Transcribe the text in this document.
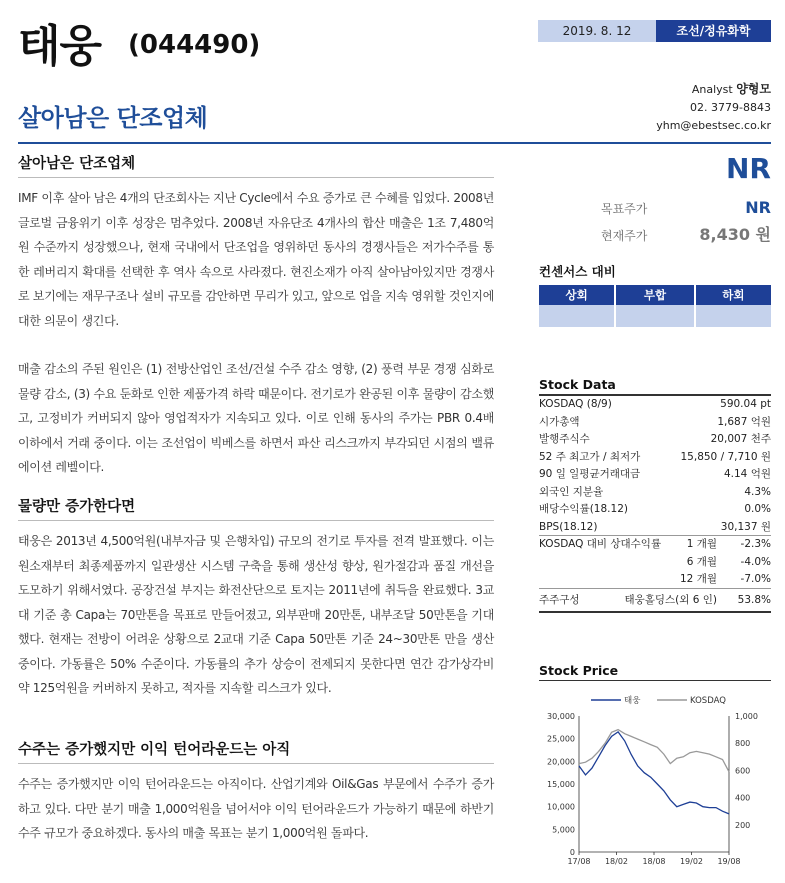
태웅 (044490)
살아남은 단조업체
2019. 8. 12	조선/정유화학
Analyst 양형모
02. 3779-8843
yhm@ebestsec.co.kr
살아남은 단조업체

IMF 이후 살아 남은 4개의 단조회사는 지난 Cycle에서 수요 증가로 큰 수혜를 입었다. 2008년 글로벌 금융위기 이후 성장은 멈추었다. 2008년 자유단조 4개사의 합산 매출은 1조 7,480억원 수준까지 성장했으나, 현재 국내에서 단조업을 영위하던 동사의 경쟁사들은 저가수주를 통한 레버리지 확대를 선택한 후 역사 속으로 사라졌다. 현진소재가 아직 살아남아있지만 경쟁사로 보기에는 재무구조나 설비 규모를 감안하면 무리가 있고, 앞으로 업을 지속 영위할 것인지에 대한 의문이 생긴다.

매출 감소의 주된 원인은 (1) 전방산업인 조선/건설 수주 감소 영향, (2) 풍력 부문 경쟁 심화로 물량 감소, (3) 수요 둔화로 인한 제품가격 하락 때문이다. 전기로가 완공된 이후 물량이 감소했고, 고정비가 커버되지 않아 영업적자가 지속되고 있다. 이로 인해 동사의 주가는 PBR 0.4배 이하에서 거래 중이다. 이는 조선업이 빅베스를 하면서 파산 리스크까지 부각되던 시점의 밸류에이션 레벨이다.

물량만 증가한다면

태웅은 2013년 4,500억원(내부자금 및 은행차입) 규모의 전기로 투자를 전격 발표했다. 이는 원소재부터 최종제품까지 일관생산 시스템 구축을 통해 생산성 향상, 원가절감과 품질 개선을 도모하기 위해서였다. 공장건설 부지는 화전산단으로 토지는 2011년에 취득을 완료했다. 3교대 기준 총 Capa는 70만톤을 목표로 만들어졌고, 외부판매 20만톤, 내부조달 50만톤을 기대했다. 현재는 전방이 어려운 상황으로 2교대 기준 Capa 50만톤 기준 24~30만톤 만을 생산 중이다. 가동률은 50% 수준이다. 가동률의 추가 상승이 전제되지 못한다면 연간 감가상각비 약 125억원을 커버하지 못하고, 적자를 지속할 리스크가 있다.

수주는 증가했지만 이익 턴어라운드는 아직

수주는 증가했지만 이익 턴어라운드는 아직이다. 산업기계와 Oil&Gas 부문에서 수주가 증가하고 있다. 다만 분기 매출 1,000억원을 넘어서야 이익 턴어라운드가 가능하기 때문에 하반기 수주 규모가 중요하겠다. 동사의 매출 목표는 분기 1,000억원 돌파다.

NR
목표주가	NR
현재주가	8,430 원
컨센서스 대비
상회	부합	하회

Stock Data
KOSDAQ (8/9)	590.04 pt
시가총액	1,687 억원
발행주식수	20,007 천주
52 주 최고가 / 최저가	15,850 / 7,710 원
90 일 일평균거래대금	4.14 억원
외국인 지분율	4.3%
배당수익률(18.12)	0.0%
BPS(18.12)	30,137 원
KOSDAQ 대비 상대수익률	1 개월	-2.3%
6 개월	-4.0%
12 개월	-7.0%
주주구성	태웅홀딩스(외 6 인)	53.8%
Stock Price
태웅	KOSDAQ
0
5,000
10,000
15,000
20,000
25,000
30,000
200
400
600
800
1,000
17/08 18/02 18/08 19/02 19/08
